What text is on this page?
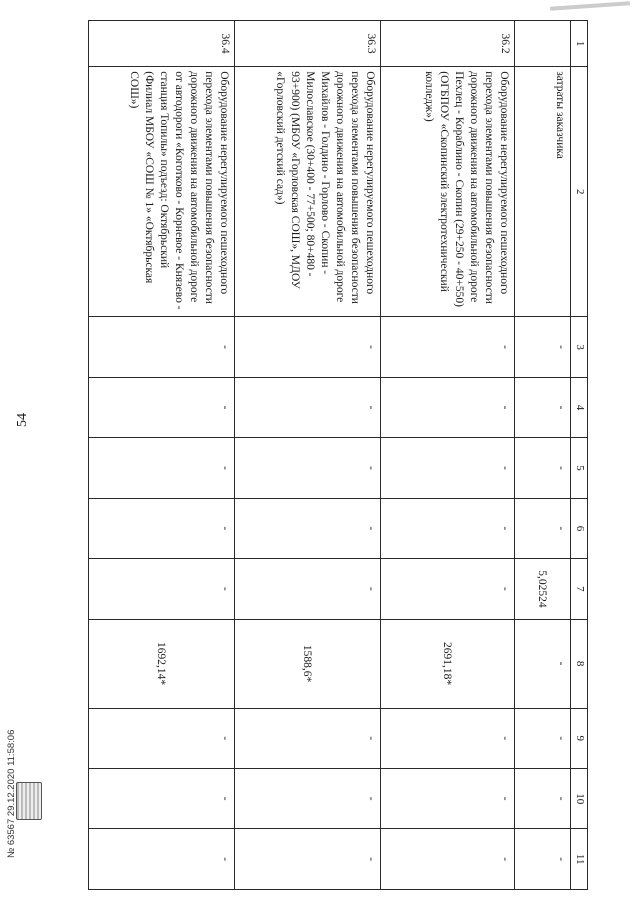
54
1	2	3	4	5	6	7	8	9	10	11
	затраты заказчика	-	-	-	-	5,02524	-	-	-	-
36.2	Оборудование нерегулируемого пешеходного перехода элементами повышения безопасности дорожного движения на автомобильной дороге Пехлец - Кораблино - Скопин (29+250 - 40+550) (ОГБПОУ «Скопинский электротехнический колледж»)	-	-	-	-	-	2691,18*	-	-	-
36.3	Оборудование нерегулируемого пешеходного перехода элементами повышения безопасности дорожного движения на автомобильной дороге Михайлов - Голдино - Горлово - Скопин - Милославское (30+400 - 77+500; 80+480 - 93+900) (МБОУ «Горловская СОШ», МДОУ «Горловский детский сад»)	-	-	-	-	-	1588,6*	-	-	-
36.4	Оборудование нерегулируемого пешеходного перехода элементами повышения безопасности дорожного движения на автомобильной дороге от автодороги «Коготково - Корневое - Князево - станция Топилы» подъезд: Октябрьский (Филиал МБОУ «СОШ № 1» «Октябрьская СОШ»)	-	-	-	-	-	1692,14*	-	-	-
№ 63567 29.12.2020 11:58:06
